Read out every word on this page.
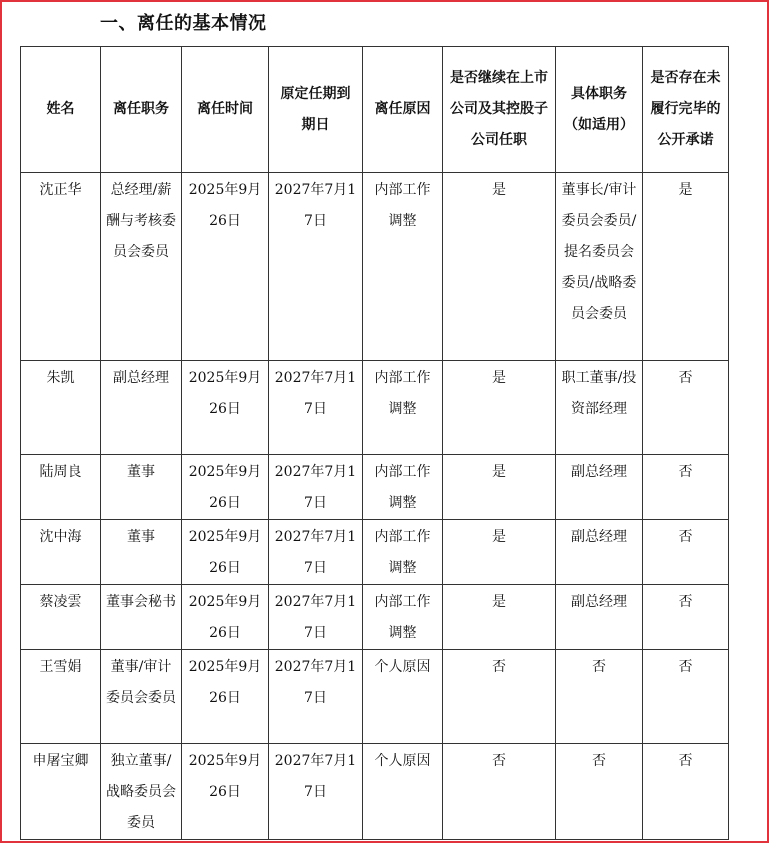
一、离任的基本情况
姓名	离任职务	离任时间	原定任期到期日	离任原因	是否继续在上市公司及其控股子公司任职	具体职务（如适用）	是否存在未履行完毕的公开承诺
沈正华	总经理/薪酬与考核委员会委员	2025年9月26日	2027年7月17日	内部工作调整	是	董事长/审计委员会委员/提名委员会委员/战略委员会委员	是
朱凯	副总经理	2025年9月26日	2027年7月17日	内部工作调整	是	职工董事/投资部经理	否
陆周良	董事	2025年9月26日	2027年7月17日	内部工作调整	是	副总经理	否
沈中海	董事	2025年9月26日	2027年7月17日	内部工作调整	是	副总经理	否
蔡凌雲	董事会秘书	2025年9月26日	2027年7月17日	内部工作调整	是	副总经理	否
王雪娟	董事/审计委员会委员	2025年9月26日	2027年7月17日	个人原因	否	否	否
申屠宝卿	独立董事/战略委员会委员	2025年9月26日	2027年7月17日	个人原因	否	否	否
